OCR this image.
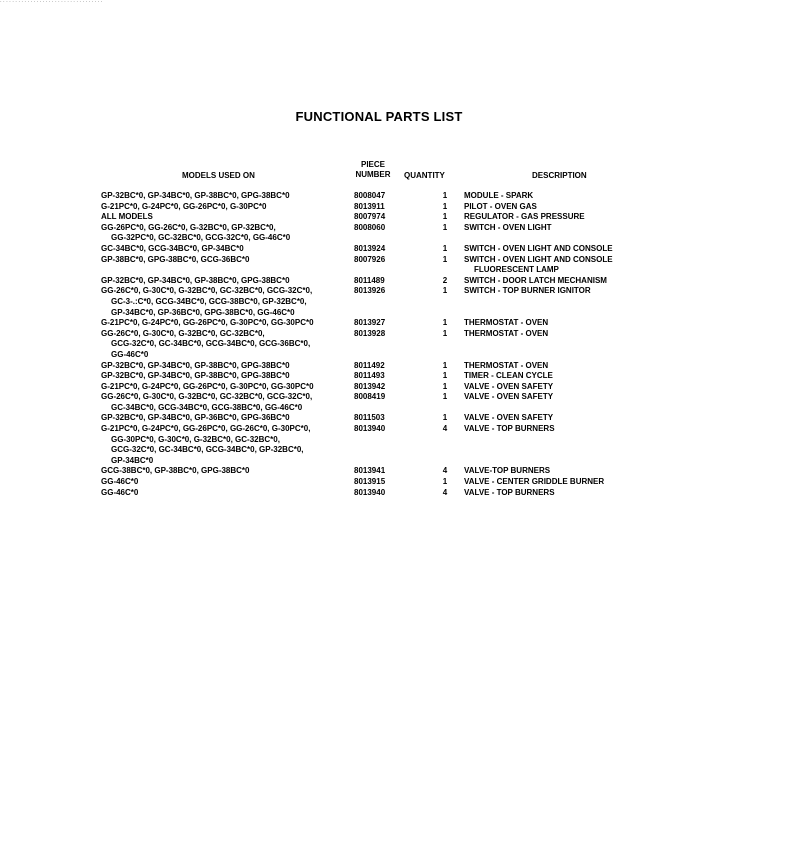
· · · · · · · · · · · · · · · · · · · · · · · · · · · · · · · · · ·
FUNCTIONAL PARTS LIST
MODELS USED ON
PIECE
NUMBER	QUANTITY	DESCRIPTION
GP-32BC*0, GP-34BC*0, GP-38BC*0, GPG-38BC*0	8008047	1	MODULE - SPARK
G-21PC*0, G-24PC*0, GG-26PC*0, G-30PC*0	8013911	1	PILOT - OVEN GAS
ALL MODELS	8007974	1	REGULATOR - GAS PRESSURE
GG-26PC*0, GG-26C*0, G-32BC*0, GP-32BC*0,
GG-32PC*0, GC-32BC*0, GCG-32C*0, GG-46C*0
8008060	1	SWITCH - OVEN LIGHT
GC-34BC*0, GCG-34BC*0, GP-34BC*0	8013924	1	SWITCH - OVEN LIGHT AND CONSOLE
GP-38BC*0, GPG-38BC*0, GCG-36BC*0	8007926	1	SWITCH - OVEN LIGHT AND CONSOLE
FLUORESCENT LAMP
GP-32BC*0, GP-34BC*0, GP-38BC*0, GPG-38BC*0	8011489	2	SWITCH - DOOR LATCH MECHANISM
GG-26C*0, G-30C*0, G-32BC*0, GC-32BC*0, GCG-32C*0,
GC-3-.:C*0, GCG-34BC*0, GCG-38BC*0, GP-32BC*0,
GP-34BC*0, GP-36BC*0, GPG-38BC*0, GG-46C*0
8013926	1	SWITCH - TOP BURNER IGNITOR
G-21PC*0, G-24PC*0, GG-26PC*0, G-30PC*0, GG-30PC*0	8013927	1	THERMOSTAT - OVEN
GG-26C*0, G-30C*0, G-32BC*0, GC-32BC*0,
GCG-32C*0, GC-34BC*0, GCG-34BC*0, GCG-36BC*0,
GG-46C*0
8013928	1	THERMOSTAT - OVEN
GP-32BC*0, GP-34BC*0, GP-38BC*0, GPG-38BC*0	8011492	1	THERMOSTAT - OVEN
GP-32BC*0, GP-34BC*0, GP-38BC*0, GPG-38BC*0	8011493	1	TIMER - CLEAN CYCLE
G-21PC*0, G-24PC*0, GG-26PC*0, G-30PC*0, GG-30PC*0	8013942	1	VALVE - OVEN SAFETY
GG-26C*0, G-30C*0, G-32BC*0, GC-32BC*0, GCG-32C*0,
GC-34BC*0, GCG-34BC*0, GCG-38BC*0, GG-46C*0
8008419	1	VALVE - OVEN SAFETY
GP-32BC*0, GP-34BC*0, GP-36BC*0, GPG-36BC*0	8011503	1	VALVE - OVEN SAFETY
G-21PC*0, G-24PC*0, GG-26PC*0, GG-26C*0, G-30PC*0,
GG-30PC*0, G-30C*0, G-32BC*0, GC-32BC*0,
GCG-32C*0, GC-34BC*0, GCG-34BC*0, GP-32BC*0,
GP-34BC*0
8013940	4	VALVE - TOP BURNERS
GCG-38BC*0, GP-38BC*0, GPG-38BC*0	8013941	4	VALVE-TOP BURNERS
GG-46C*0	8013915	1	VALVE - CENTER GRIDDLE BURNER
GG-46C*0	8013940	4	VALVE - TOP BURNERS
